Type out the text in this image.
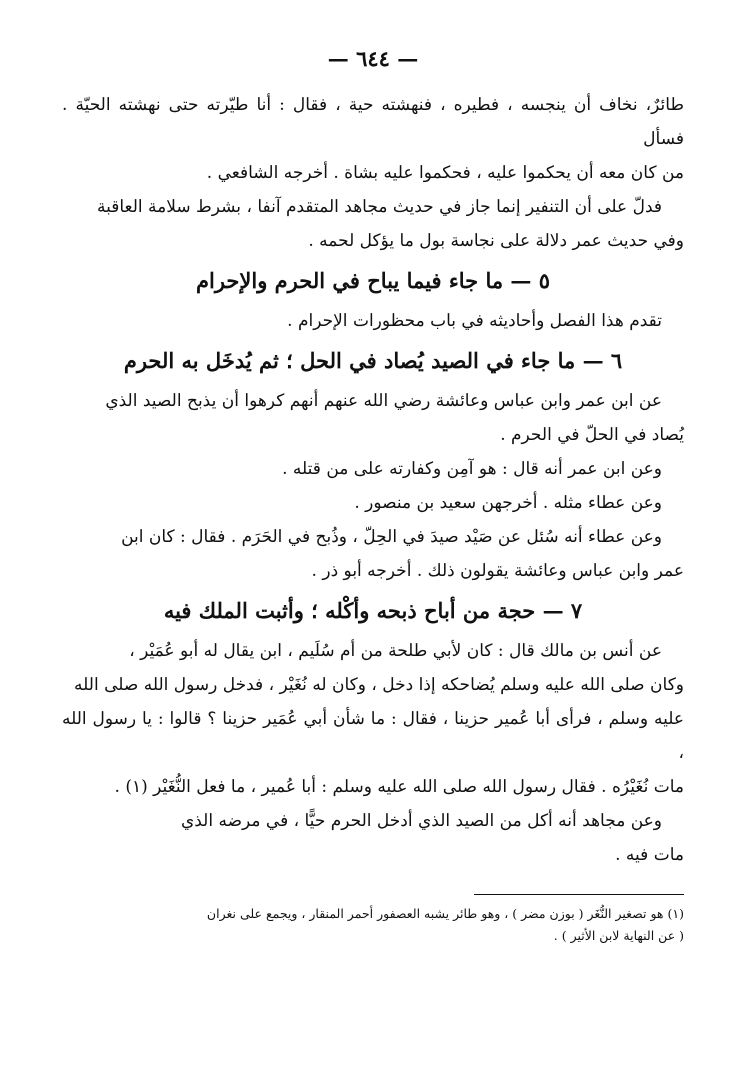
— ٦٤٤ —

طائرٌ، نخاف أن ينجسه ، فطيره ، فنهشته حية ، فقال : أنا طيّرته حتى نهشته الحيّة . فسأل

من كان معه أن يحكموا عليه ، فحكموا عليه بشاة . أخرجه الشافعي .

فدلّ على أن التنفير إنما جاز في حديث مجاهد المتقدم آنفا ، بشرط سلامة العاقبة

وفي حديث عمر دلالة على نجاسة بول ما يؤكل لحمه .

٥ — ما جاء فيما يباح في الحرم والإحرام

تقدم هذا الفصل وأحاديثه في باب محظورات الإحرام .

٦ — ما جاء في الصيد يُصاد في الحل ؛ ثم يُدخَل به الحرم

عن ابن عمر وابن عباس وعائشة رضي الله عنهم أنهم كرهوا أن يذبح الصيد الذي

يُصاد في الحلّ في الحرم .

وعن ابن عمر أنه قال : هو آمِن وكفارته على من قتله .

وعن عطاء مثله . أخرجهن سعيد بن منصور .

وعن عطاء أنه سُئل عن صَيْد صيدَ في الحِلّ ، وذُبح في الحَرَم . فقال : كان ابن

عمر وابن عباس وعائشة يقولون ذلك . أخرجه أبو ذر .

٧ — حجة من أباح ذبحه وأكْله ؛ وأثبت الملك فيه

عن أنس بن مالك قال : كان لأبي طلحة من أم سُلَيم ، ابن يقال له أبو عُمَيْر ،

وكان صلى الله عليه وسلم يُضاحكه إذا دخل ، وكان له نُغَيْر ، فدخل رسول الله صلى الله

عليه وسلم ، فرأى أبا عُمير حزينا ، فقال : ما شأن أبي عُمَير حزينا ؟ قالوا : يا رسول الله ،

مات نُغَيْرُه . فقال رسول الله صلى الله عليه وسلم : أبا عُمير ، ما فعل النُّغَيْر (١) .

وعن مجاهد أنه أكل من الصيد الذي أدخل الحرم حيًّا ، في مرضه الذي

مات فيه .

(١) هو تصغير النُّغَر ( بوزن مضر ) ، وهو طائر يشبه العصفور أحمر المنقار ، ويجمع على نغران

( عن النهاية لابن الأثير ) .
